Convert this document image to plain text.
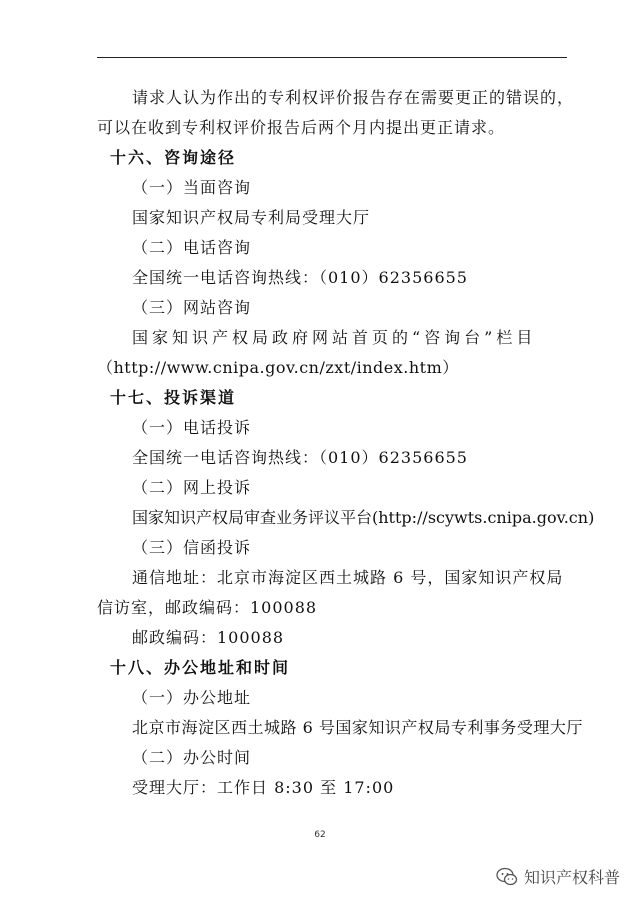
请求人认为作出的专利权评价报告存在需要更正的错误的，
可以在收到专利权评价报告后两个月内提出更正请求。
十六、咨询途径
（一）当面咨询
国家知识产权局专利局受理大厅
（二）电话咨询
全国统一电话咨询热线：（010）62356655
（三）网站咨询
国家知识产权局政府网站首页的“咨询台”栏目
（http://www.cnipa.gov.cn/zxt/index.htm）
十七、投诉渠道
（一）电话投诉
全国统一电话咨询热线：（010）62356655
（二）网上投诉
国家知识产权局审查业务评议平台(http://scywts.cnipa.gov.cn)
（三）信函投诉
通信地址：北京市海淀区西土城路 6 号，国家知识产权局
信访室，邮政编码：100088
邮政编码：100088
十八、办公地址和时间
（一）办公地址
北京市海淀区西土城路 6 号国家知识产权局专利事务受理大厅
（二）办公时间
受理大厅：工作日 8:30 至 17:00
62
知识产权科普
